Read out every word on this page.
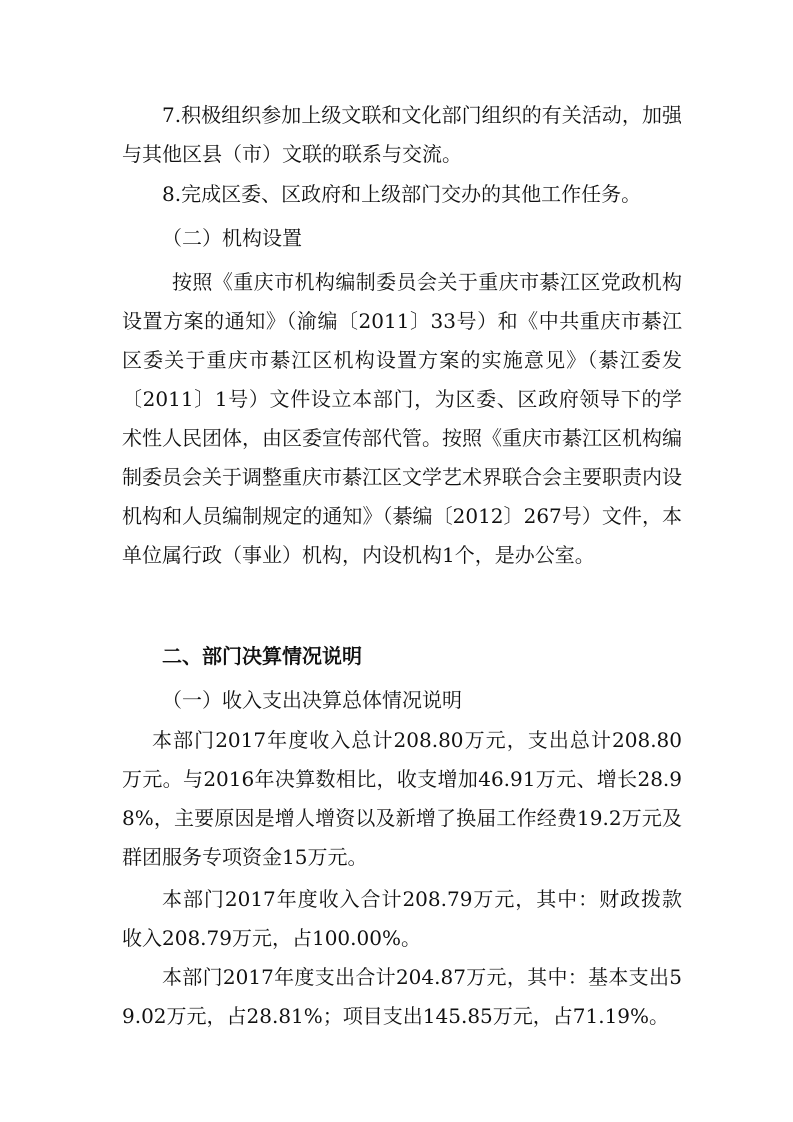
7.积极组织参加上级文联和文化部门组织的有关活动，加强与其他区县（市）文联的联系与交流。

8.完成区委、区政府和上级部门交办的其他工作任务。

（二）机构设置

按照《重庆市机构编制委员会关于重庆市綦江区党政机构设置方案的通知》（渝编〔2011〕33号）和《中共重庆市綦江区委关于重庆市綦江区机构设置方案的实施意见》（綦江委发〔2011〕1号）文件设立本部门，为区委、区政府领导下的学术性人民团体，由区委宣传部代管。按照《重庆市綦江区机构编制委员会关于调整重庆市綦江区文学艺术界联合会主要职责内设机构和人员编制规定的通知》（綦编〔2012〕267号）文件，本单位属行政（事业）机构，内设机构1个，是办公室。

二、部门决算情况说明

（一）收入支出决算总体情况说明

本部门2017年度收入总计208.80万元，支出总计208.80万元。与2016年决算数相比，收支增加46.91万元、增长28.98%，主要原因是增人增资以及新增了换届工作经费19.2万元及群团服务专项资金15万元。

本部门2017年度收入合计208.79万元，其中：财政拨款收入208.79万元，占100.00%。

本部门2017年度支出合计204.87万元，其中：基本支出59.02万元，占28.81%；项目支出145.85万元，占71.19%。
